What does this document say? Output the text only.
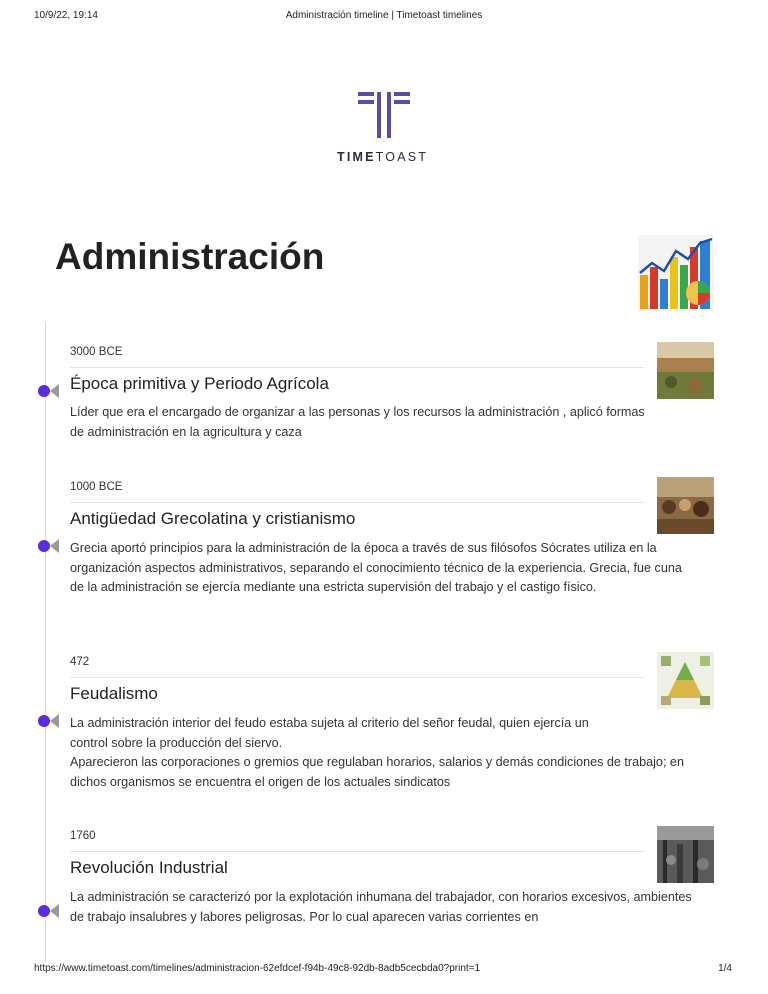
10/9/22, 19:14	Administración timeline | Timetoast timelines
TIMETOAST
Administración
3000 BCE
Época primitiva y Periodo Agrícola

Líder que era el encargado de organizar a las personas y los recursos la administración , aplicó formas de administración en la agricultura y caza

1000 BCE
Antigüedad Grecolatina y cristianismo

Grecia aportó principios para la administración de la época a través de sus filósofos Sócrates utiliza en la organización aspectos administrativos, separando el conocimiento técnico de la experiencia. Grecia, fue cuna de la administración se ejercía mediante una estricta supervisión del trabajo y el castigo físico.

472
Feudalismo

La administración interior del feudo estaba sujeta al criterio del señor feudal, quien ejercía un control sobre la producción del siervo.

Aparecieron las corporaciones o gremios que regulaban horarios, salarios y demás condiciones de trabajo; en dichos organismos se encuentra el origen de los actuales sindicatos

1760
Revolución Industrial

La administración se caracterizó por la explotación inhumana del trabajador, con horarios excesivos, ambientes de trabajo insalubres y labores peligrosas. Por lo cual aparecen varias corrientes en

https://www.timetoast.com/timelines/administracion-62efdcef-f94b-49c8-92db-8adb5cecbda0?print=1	1/4
